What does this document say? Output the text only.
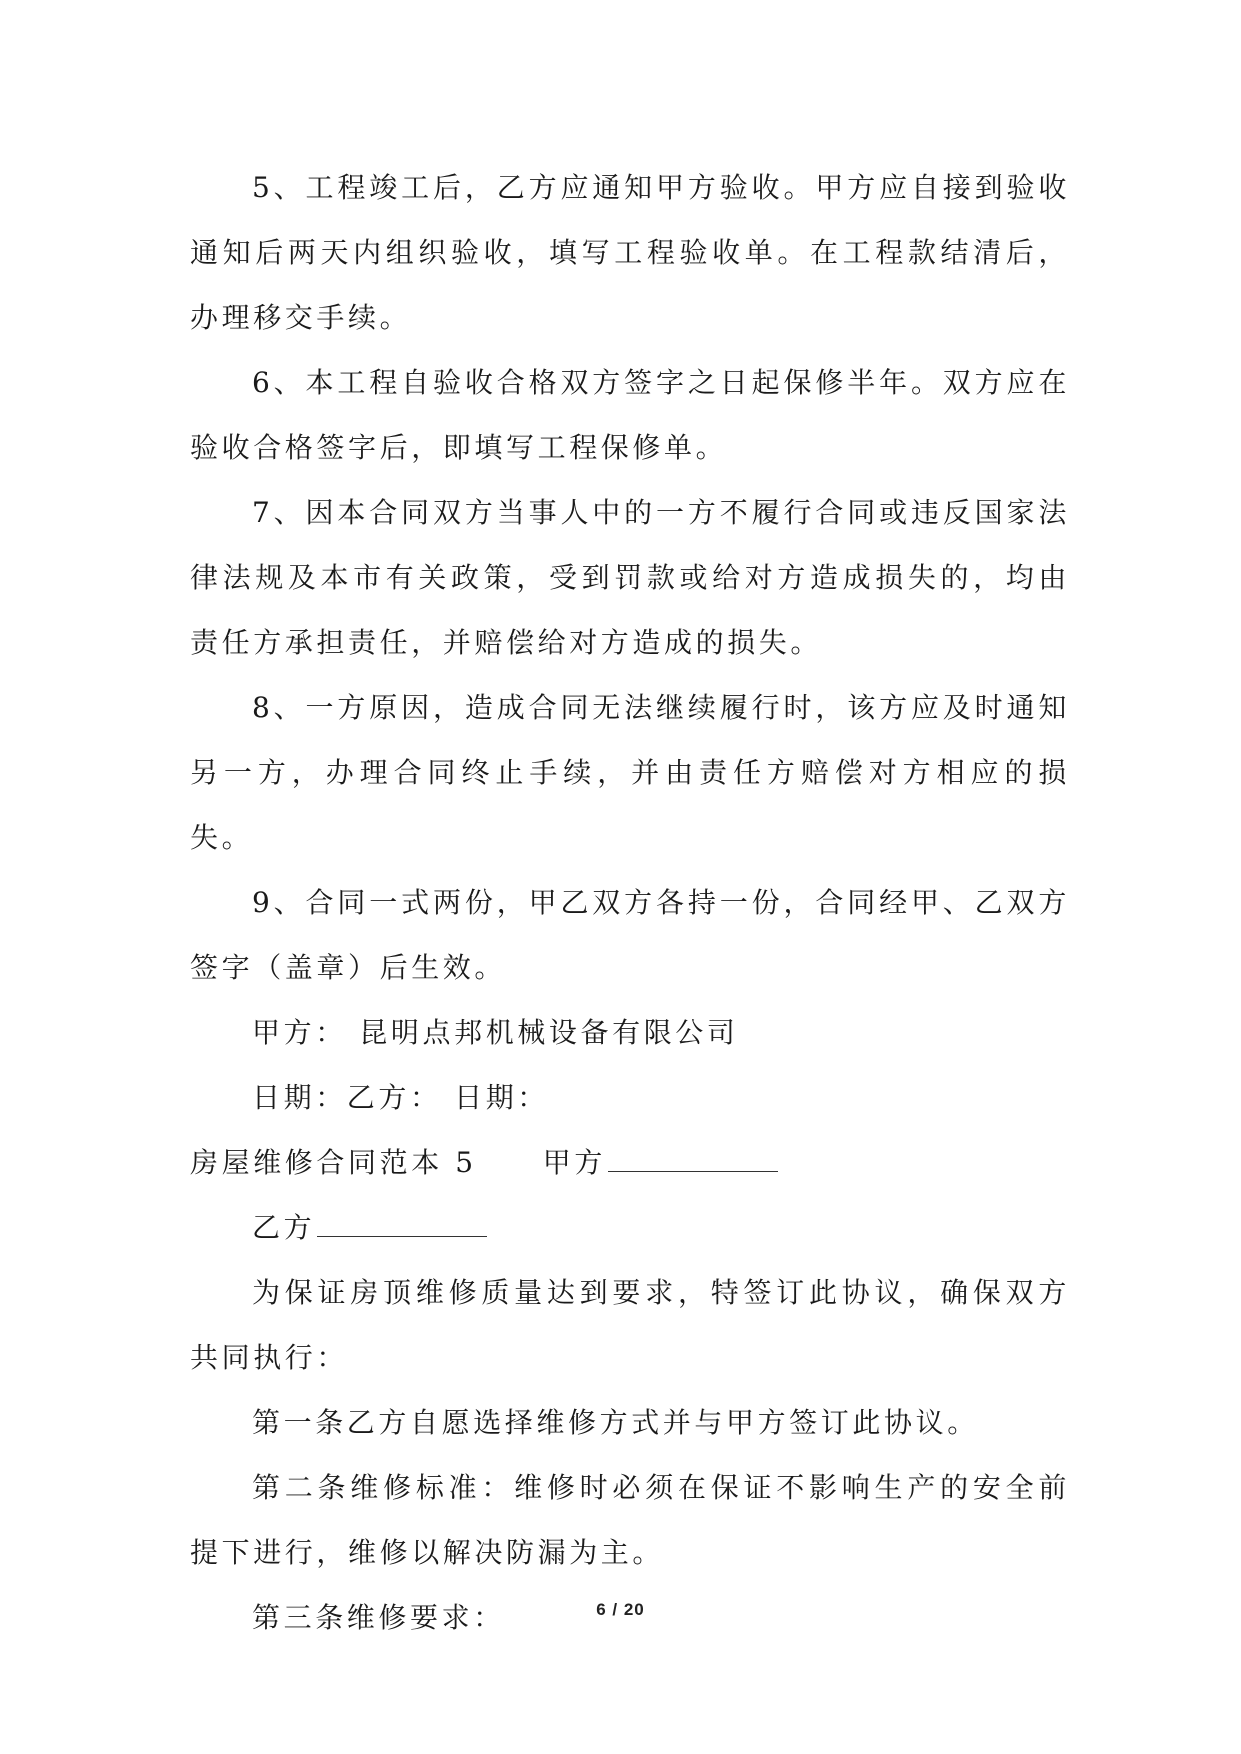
5、工程竣工后，乙方应通知甲方验收。甲方应自接到验收通知后两天内组织验收，填写工程验收单。在工程款结清后，办理移交手续。

6、本工程自验收合格双方签字之日起保修半年。双方应在验收合格签字后，即填写工程保修单。

7、因本合同双方当事人中的一方不履行合同或违反国家法律法规及本市有关政策，受到罚款或给对方造成损失的，均由责任方承担责任，并赔偿给对方造成的损失。

8、一方原因，造成合同无法继续履行时，该方应及时通知另一方，办理合同终止手续，并由责任方赔偿对方相应的损失。

9、合同一式两份，甲乙双方各持一份，合同经甲、乙双方签字（盖章）后生效。

甲方： 昆明点邦机械设备有限公司

日期：乙方： 日期：

房屋维修合同范本 5 甲方

乙方

为保证房顶维修质量达到要求，特签订此协议，确保双方共同执行：

第一条乙方自愿选择维修方式并与甲方签订此协议。

第二条维修标准：维修时必须在保证不影响生产的安全前提下进行，维修以解决防漏为主。

第三条维修要求：	6 / 20
